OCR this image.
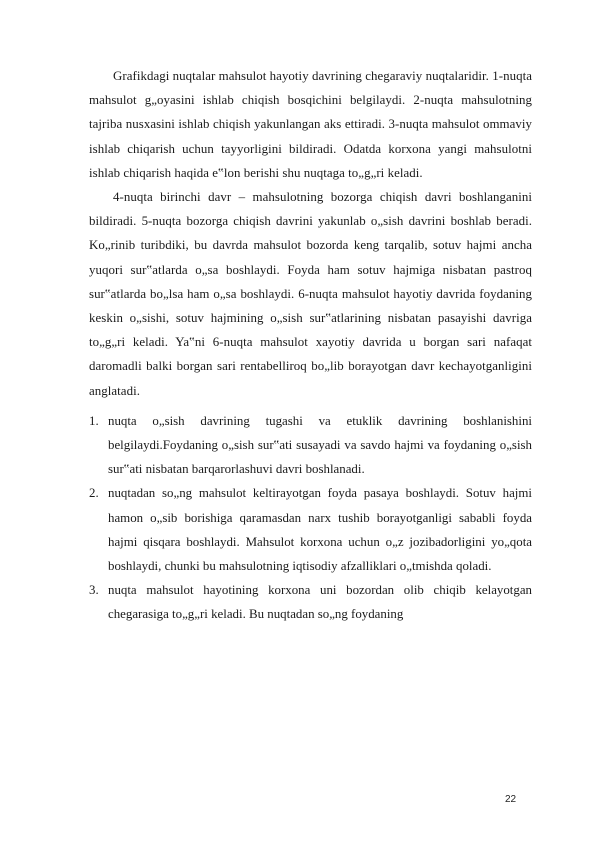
Grafikdagi nuqtalar mahsulot hayotiy davrining chegaraviy nuqtalaridir. 1-nuqta mahsulot g„oyasini ishlab chiqish bosqichini belgilaydi. 2-nuqta mahsulotning tajriba nusxasini ishlab chiqish yakunlangan aks ettiradi. 3-nuqta mahsulot ommaviy ishlab chiqarish uchun tayyorligini bildiradi. Odatda korxona yangi mahsulotni ishlab chiqarish haqida e‟lon berishi shu nuqtaga to„g„ri keladi.

4-nuqta birinchi davr – mahsulotning bozorga chiqish davri boshlanganini bildiradi. 5-nuqta bozorga chiqish davrini yakunlab o„sish davrini boshlab beradi. Ko„rinib turibdiki, bu davrda mahsulot bozorda keng tarqalib, sotuv hajmi ancha yuqori sur‟atlarda o„sa boshlaydi. Foyda ham sotuv hajmiga nisbatan pastroq sur‟atlarda bo„lsa ham o„sa boshlaydi. 6-nuqta mahsulot hayotiy davrida foydaning keskin o„sishi, sotuv hajmining o„sish sur‟atlarining nisbatan pasayishi davriga to„g„ri keladi. Ya‟ni 6-nuqta mahsulot xayotiy davrida u borgan sari nafaqat daromadli balki borgan sari rentabelliroq bo„lib borayotgan davr kechayotganligini anglatadi.

1. nuqta o„sish davrining tugashi va etuklik davrining boshlanishini belgilaydi.Foydaning o„sish sur‟ati susayadi va savdo hajmi va foydaning o„sish sur‟ati nisbatan barqarorlashuvi davri boshlanadi.
2. nuqtadan so„ng mahsulot keltirayotgan foyda pasaya boshlaydi. Sotuv hajmi hamon o„sib borishiga qaramasdan narx tushib borayotganligi sababli foyda hajmi qisqara boshlaydi. Mahsulot korxona uchun o„z jozibadorligini yo„qota boshlaydi, chunki bu mahsulotning iqtisodiy afzalliklari o„tmishda qoladi.
3. nuqta mahsulot hayotining korxona uni bozordan olib chiqib kelayotgan chegarasiga to„g„ri keladi. Bu nuqtadan so„ng foydaning
22
